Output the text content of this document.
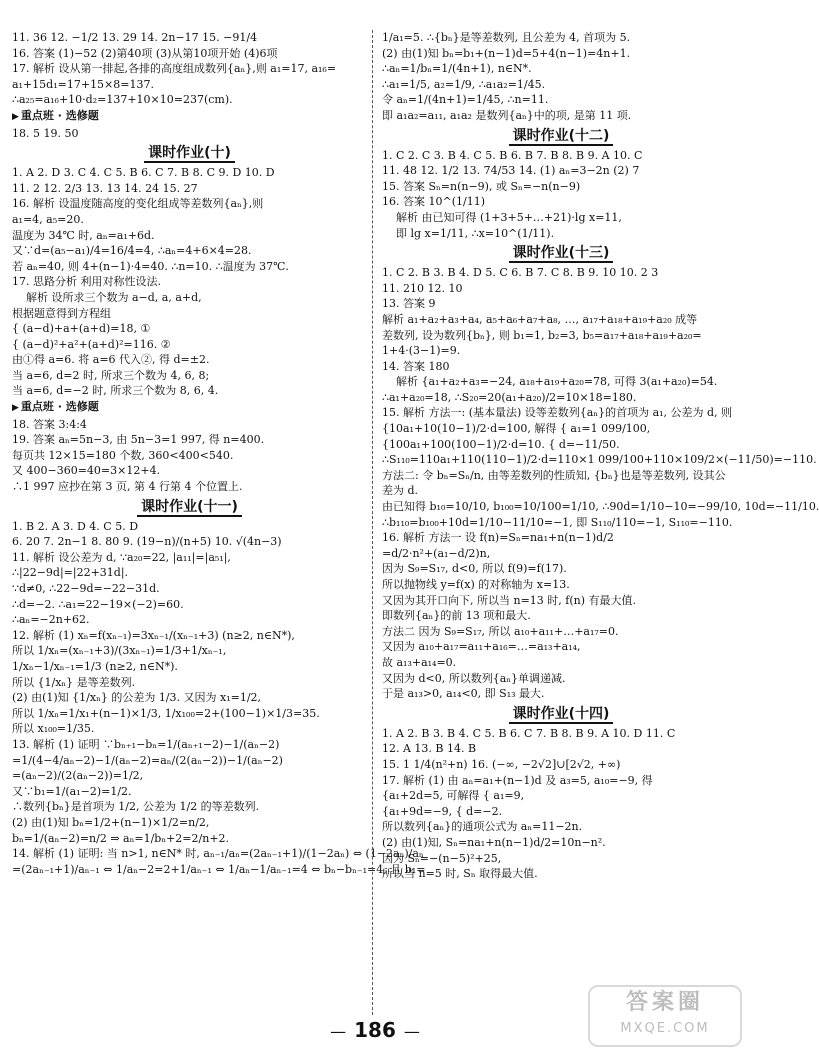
11. 36 12. −1/2 13. 29 14. 2n−17 15. −91/4
16. 答案 (1)−52 (2)第40项 (3)从第10项开始 (4)6项
17. 解析 设从第一排起,各排的高度组成数列{aₙ},则 a₁=17, a₁₆=
a₁+15d₁=17+15×8=137.
∴a₂₅=a₁₆+10·d₂=137+10×10=237(cm).
▶ 重点班 · 选修题
18. 5 19. 50
课时作业(十)
1. A 2. D 3. C 4. C 5. B 6. C 7. B 8. C 9. D 10. D
11. 2 12. 2/3 13. 13 14. 24 15. 27
16. 解析 设温度随高度的变化组成等差数列{aₙ},则
a₁=4, a₅=20.
温度为 34℃ 时, aₙ=a₁+6d.
又∵d=(a₅−a₁)/4=16/4=4, ∴aₙ=4+6×4=28.
若 aₙ=40, 则 4+(n−1)·4=40. ∴n=10. ∴温度为 37℃.
17. 思路分析 利用对称性设法.
解析 设所求三个数为 a−d, a, a+d,
根据题意得到方程组
{ (a−d)+a+(a+d)=18, ①
{ (a−d)²+a²+(a+d)²=116. ②
由①得 a=6. 将 a=6 代入②, 得 d=±2.
当 a=6, d=2 时, 所求三个数为 4, 6, 8;
当 a=6, d=−2 时, 所求三个数为 8, 6, 4.
▶ 重点班 · 选修题
18. 答案 3:4:4
19. 答案 aₙ=5n−3, 由 5n−3=1 997, 得 n=400.
每页共 12×15=180 个数, 360<400<540.
又 400−360=40=3×12+4.
∴1 997 应抄在第 3 页, 第 4 行第 4 个位置上.
课时作业(十一)
1. B 2. A 3. D 4. C 5. D
6. 20 7. 2n−1 8. 80 9. (19−n)/(n+5) 10. √(4n−3)
11. 解析 设公差为 d, ∵a₂₀=22, |a₁₁|=|a₅₁|,
∴|22−9d|=|22+31d|.
∵d≠0, ∴22−9d=−22−31d.
∴d=−2. ∴a₁=22−19×(−2)=60.
∴aₙ=−2n+62.
12. 解析 (1) xₙ=f(xₙ₋₁)=3xₙ₋₁/(xₙ₋₁+3) (n≥2, n∈N*),
所以 1/xₙ=(xₙ₋₁+3)/(3xₙ₋₁)=1/3+1/xₙ₋₁,
1/xₙ−1/xₙ₋₁=1/3 (n≥2, n∈N*).
所以 {1/xₙ} 是等差数列.
(2) 由(1)知 {1/xₙ} 的公差为 1/3. 又因为 x₁=1/2,
所以 1/xₙ=1/x₁+(n−1)×1/3, 1/x₁₀₀=2+(100−1)×1/3=35.
所以 x₁₀₀=1/35.
13. 解析 (1) 证明 ∵bₙ₊₁−bₙ=1/(aₙ₊₁−2)−1/(aₙ−2)
=1/(4−4/aₙ−2)−1/(aₙ−2)=aₙ/(2(aₙ−2))−1/(aₙ−2)
=(aₙ−2)/(2(aₙ−2))=1/2,
又∵b₁=1/(a₁−2)=1/2.
∴数列{bₙ}是首项为 1/2, 公差为 1/2 的等差数列.
(2) 由(1)知 bₙ=1/2+(n−1)×1/2=n/2,
bₙ=1/(aₙ−2)=n/2 ⇒ aₙ=1/bₙ+2=2/n+2.
14. 解析 (1) 证明: 当 n>1, n∈N* 时, aₙ₋₁/aₙ=(2aₙ₋₁+1)/(1−2aₙ) ⇔ (1−2aₙ)/aₙ
=(2aₙ₋₁+1)/aₙ₋₁ ⇔ 1/aₙ−2=2+1/aₙ₋₁ ⇔ 1/aₙ−1/aₙ₋₁=4 ⇔ bₙ−bₙ₋₁=4, 且 b₁=
1/a₁=5. ∴{bₙ}是等差数列, 且公差为 4, 首项为 5.
(2) 由(1)知 bₙ=b₁+(n−1)d=5+4(n−1)=4n+1.
∴aₙ=1/bₙ=1/(4n+1), n∈N*.
∴a₁=1/5, a₂=1/9, ∴a₁a₂=1/45.
令 aₙ=1/(4n+1)=1/45, ∴n=11.
即 a₁a₂=a₁₁, a₁a₂ 是数列{aₙ}中的项, 是第 11 项.
课时作业(十二)
1. C 2. C 3. B 4. C 5. B 6. B 7. B 8. B 9. A 10. C
11. 48 12. 1/2 13. 74/53 14. (1) aₙ=3−2n (2) 7
15. 答案 Sₙ=n(n−9), 或 Sₙ=−n(n−9)
16. 答案 10^(1/11)
解析 由已知可得 (1+3+5+…+21)·lg x=11,
即 lg x=1/11, ∴x=10^(1/11).
课时作业(十三)
1. C 2. B 3. B 4. D 5. C 6. B 7. C 8. B 9. 10 10. 2 3
11. 210 12. 10
13. 答案 9
解析 a₁+a₂+a₃+a₄, a₅+a₆+a₇+a₈, …, a₁₇+a₁₈+a₁₉+a₂₀ 成等
差数列, 设为数列{bₙ}, 则 b₁=1, b₂=3, b₅=a₁₇+a₁₈+a₁₉+a₂₀=
1+4·(3−1)=9.
14. 答案 180
解析 {a₁+a₂+a₃=−24, a₁₈+a₁₉+a₂₀=78, 可得 3(a₁+a₂₀)=54.
∴a₁+a₂₀=18, ∴S₂₀=20(a₁+a₂₀)/2=10×18=180.
15. 解析 方法一: (基本量法) 设等差数列{aₙ}的首项为 a₁, 公差为 d, 则
{10a₁+10(10−1)/2·d=100, 解得 { a₁=1 099/100,
{100a₁+100(100−1)/2·d=10. { d=−11/50.
∴S₁₁₀=110a₁+110(110−1)/2·d=110×1 099/100+110×109/2×(−11/50)=−110.
方法二: 令 bₙ=Sₙ/n, 由等差数列的性质知, {bₙ}也是等差数列, 设其公
差为 d.
由已知得 b₁₀=10/10, b₁₀₀=10/100=1/10, ∴90d=1/10−10=−99/10, 10d=−11/10.
∴b₁₁₀=b₁₀₀+10d=1/10−11/10=−1, 即 S₁₁₀/110=−1, S₁₁₀=−110.
16. 解析 方法一 设 f(n)=Sₙ=na₁+n(n−1)d/2
=d/2·n²+(a₁−d/2)n,
因为 S₉=S₁₇, d<0, 所以 f(9)=f(17).
所以抛物线 y=f(x) 的对称轴为 x=13.
又因为其开口向下, 所以当 n=13 时, f(n) 有最大值.
即数列{aₙ}的前 13 项和最大.
方法二 因为 S₉=S₁₇, 所以 a₁₀+a₁₁+…+a₁₇=0.
又因为 a₁₀+a₁₇=a₁₁+a₁₆=…=a₁₃+a₁₄,
故 a₁₃+a₁₄=0.
又因为 d<0, 所以数列{aₙ}单调递减.
于是 a₁₃>0, a₁₄<0, 即 S₁₃ 最大.
课时作业(十四)
1. A 2. B 3. B 4. C 5. B 6. C 7. B 8. B 9. A 10. D 11. C
12. A 13. B 14. B
15. 1 1/4(n²+n) 16. (−∞, −2√2]∪[2√2, +∞)
17. 解析 (1) 由 aₙ=a₁+(n−1)d 及 a₃=5, a₁₀=−9, 得
{a₁+2d=5, 可解得 { a₁=9,
{a₁+9d=−9, { d=−2.
所以数列{aₙ}的通项公式为 aₙ=11−2n.
(2) 由(1)知, Sₙ=na₁+n(n−1)d/2=10n−n².
因为 Sₙ=−(n−5)²+25,
所以当 n=5 时, Sₙ 取得最大值.
— 186 —
答案圈
MXQE.COM
